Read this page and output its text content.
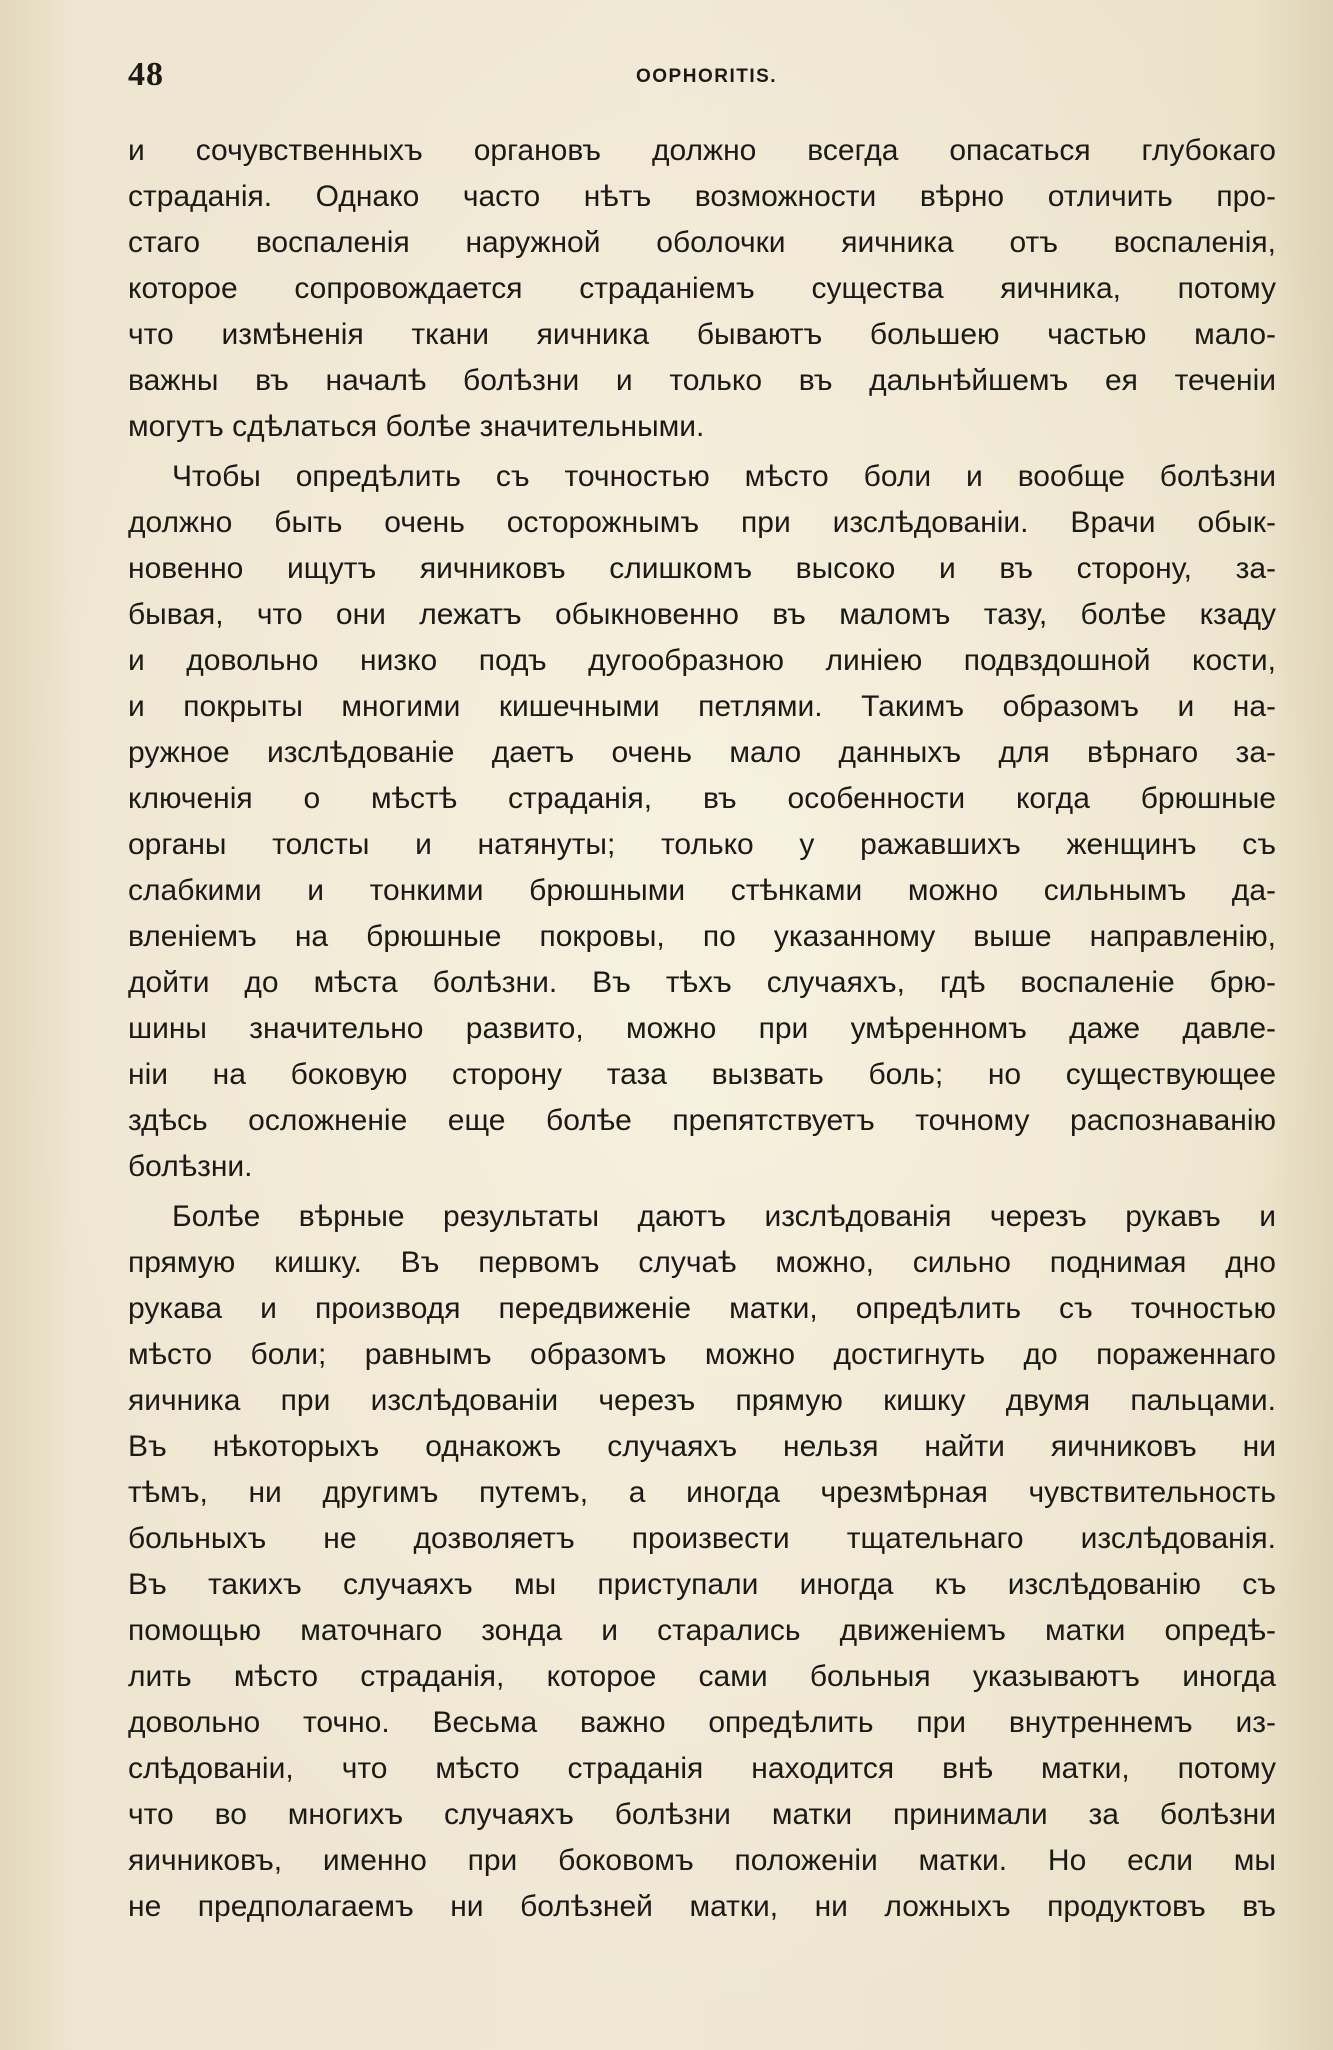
48	OOPHORITIS.
и сочувственныхъ органовъ должно всегда опасаться глубокаго
страданія. Однако часто нѣтъ возможности вѣрно отличить про-
стаго воспаленія наружной оболочки яичника отъ воспаленія,
которое сопровождается страданіемъ существа яичника, потому
что измѣненія ткани яичника бываютъ большею частью мало-
важны въ началѣ болѣзни и только въ дальнѣйшемъ ея теченіи
могутъ сдѣлаться болѣе значительными.
Чтобы опредѣлить съ точностью мѣсто боли и вообще болѣзни
должно быть очень осторожнымъ при изслѣдованіи. Врачи обык-
новенно ищутъ яичниковъ слишкомъ высоко и въ сторону, за-
бывая, что они лежатъ обыкновенно въ маломъ тазу, болѣе кзаду
и довольно низко подъ дугообразною линіею подвздошной кости,
и покрыты многими кишечными петлями. Такимъ образомъ и на-
ружное изслѣдованіе даетъ очень мало данныхъ для вѣрнаго за-
ключенія о мѣстѣ страданія, въ особенности когда брюшные
органы толсты и натянуты; только у ражавшихъ женщинъ съ
слабкими и тонкими брюшными стѣнками можно сильнымъ да-
вленіемъ на брюшные покровы, по указанному выше направленію,
дойти до мѣста болѣзни. Въ тѣхъ случаяхъ, гдѣ воспаленіе брю-
шины значительно развито, можно при умѣренномъ даже давле-
ніи на боковую сторону таза вызвать боль; но существующее
здѣсь осложненіе еще болѣе препятствуетъ точному распознаванію
болѣзни.
Болѣе вѣрные результаты даютъ изслѣдованія черезъ рукавъ и
прямую кишку. Въ первомъ случаѣ можно, сильно поднимая дно
рукава и производя передвиженіе матки, опредѣлить съ точностью
мѣсто боли; равнымъ образомъ можно достигнуть до пораженнаго
яичника при изслѣдованіи черезъ прямую кишку двумя пальцами.
Въ нѣкоторыхъ однакожъ случаяхъ нельзя найти яичниковъ ни
тѣмъ, ни другимъ путемъ, а иногда чрезмѣрная чувствительность
больныхъ не дозволяетъ произвести тщательнаго изслѣдованія.
Въ такихъ случаяхъ мы приступали иногда къ изслѣдованію съ
помощью маточнаго зонда и старались движеніемъ матки опредѣ-
лить мѣсто страданія, которое сами больныя указываютъ иногда
довольно точно. Весьма важно опредѣлить при внутреннемъ из-
слѣдованіи, что мѣсто страданія находится внѣ матки, потому
что во многихъ случаяхъ болѣзни матки принимали за болѣзни
яичниковъ, именно при боковомъ положеніи матки. Но если мы
не предполагаемъ ни болѣзней матки, ни ложныхъ продуктовъ въ
